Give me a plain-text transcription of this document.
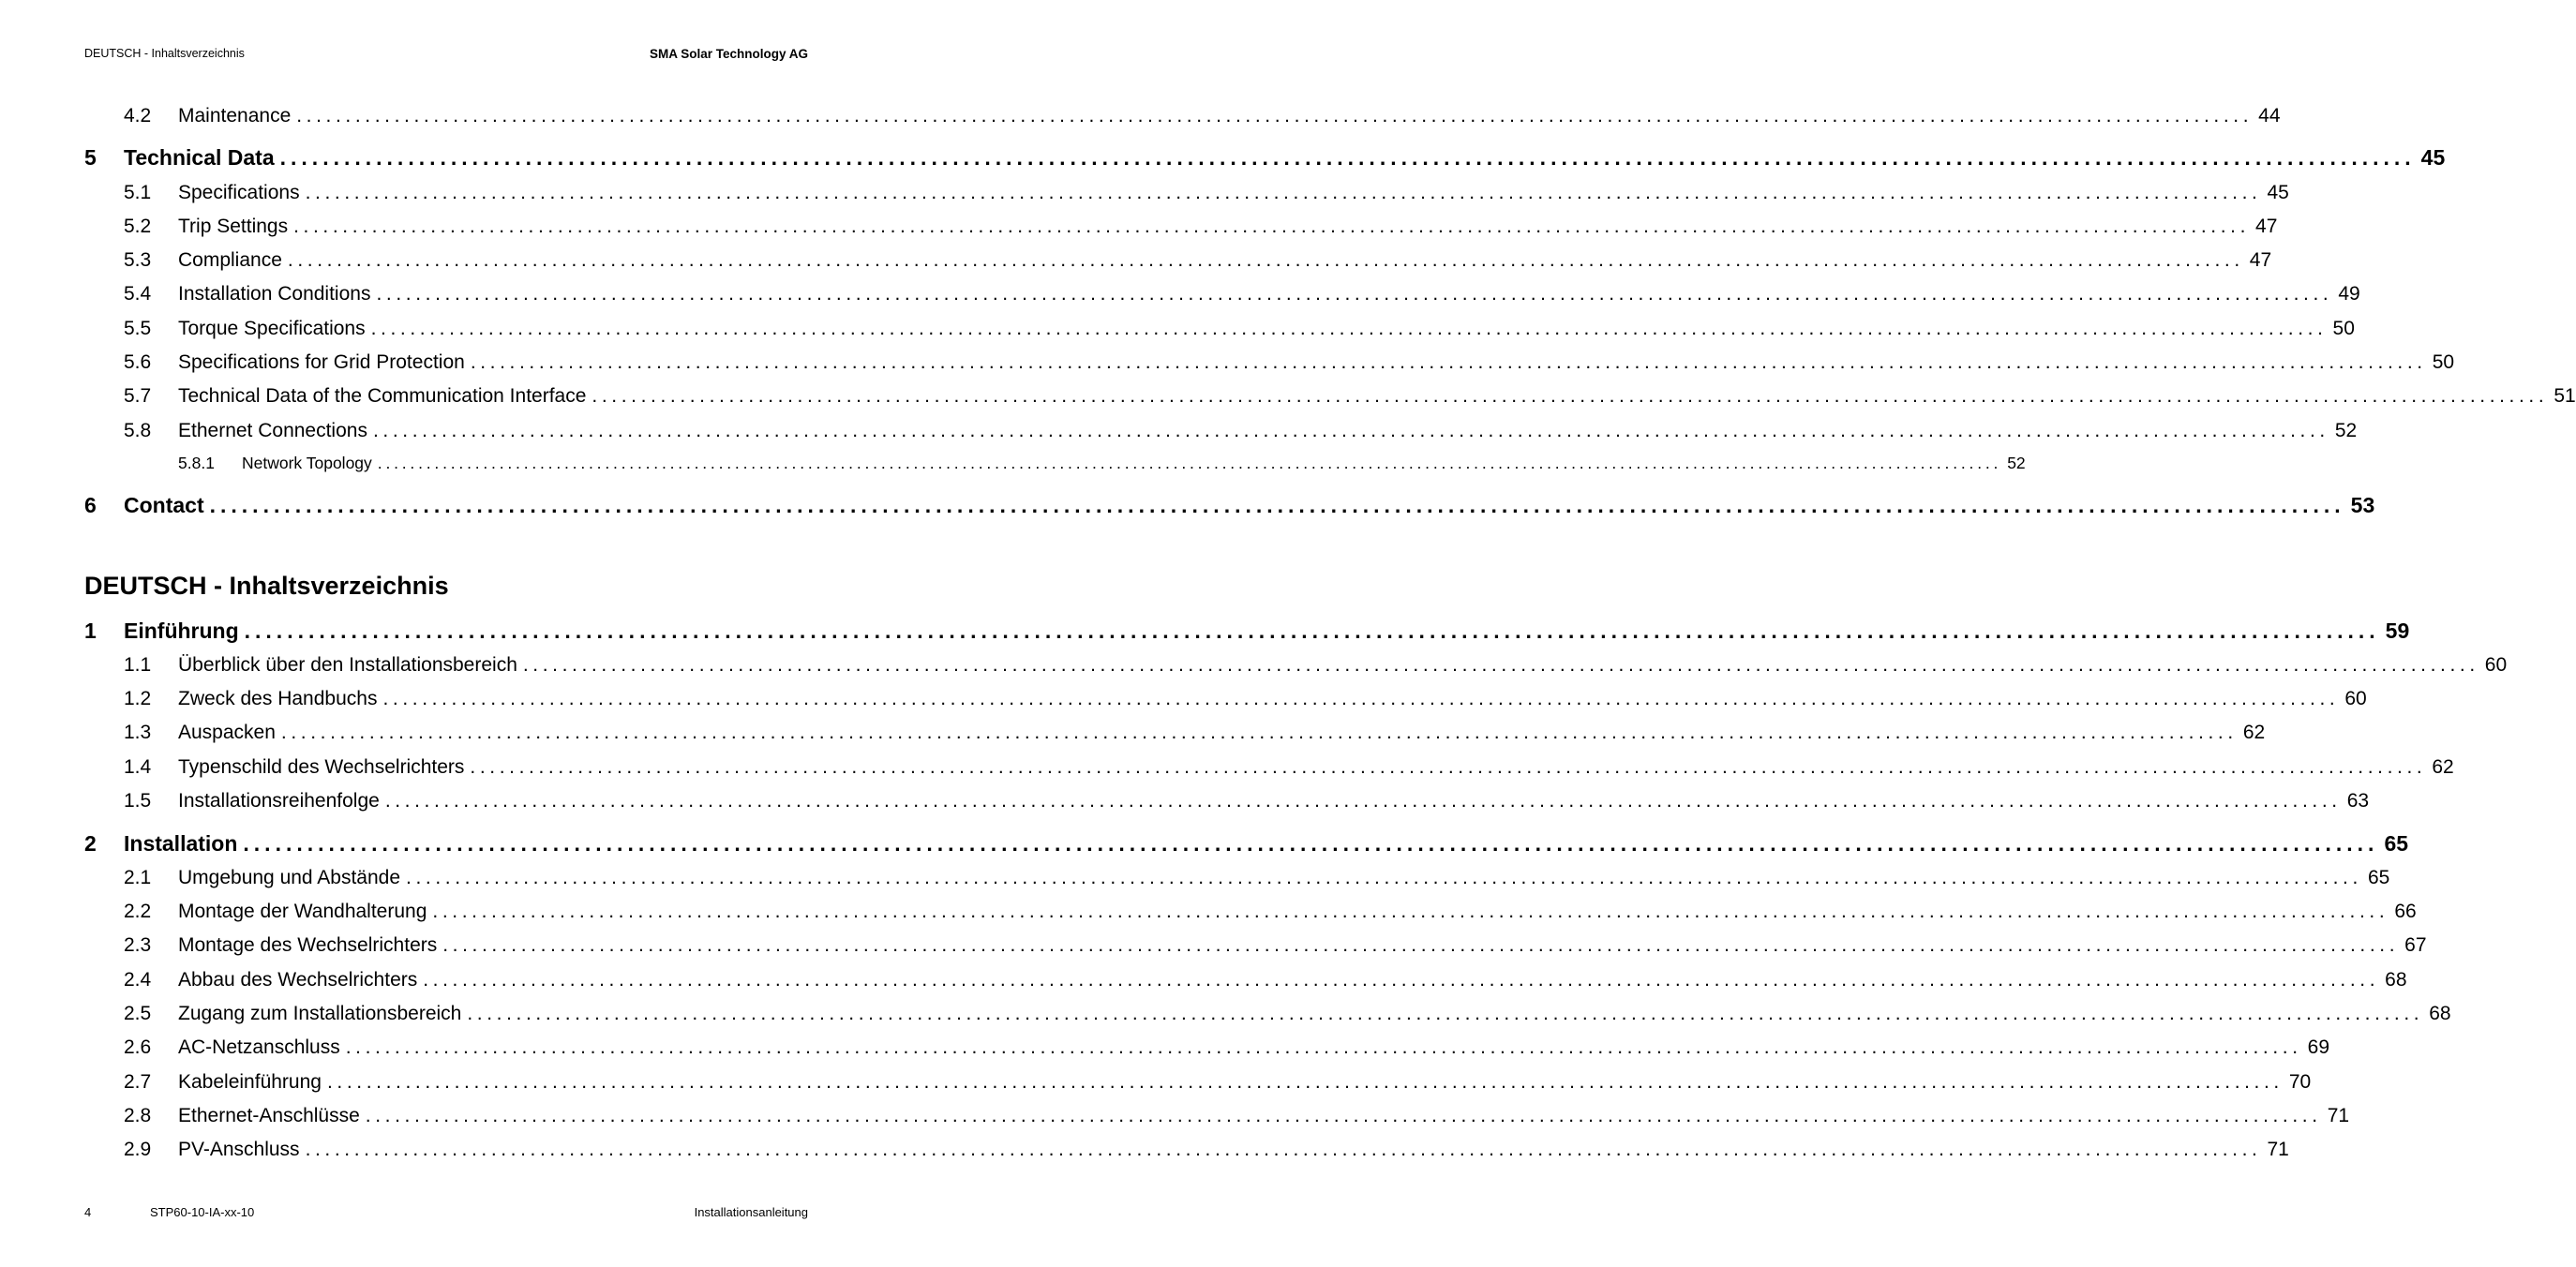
DEUTSCH - Inhaltsverzeichnis	SMA Solar Technology AG
4.2	Maintenance ........................................................................................................................................................................................................ 44
5	Technical Data ........................................................................................................................................................................................................ 45
5.1	Specifications ........................................................................................................................................................................................................ 45
5.2	Trip Settings ........................................................................................................................................................................................................ 47
5.3	Compliance ........................................................................................................................................................................................................ 47
5.4	Installation Conditions ........................................................................................................................................................................................................ 49
5.5	Torque Specifications ........................................................................................................................................................................................................ 50
5.6	Specifications for Grid Protection ........................................................................................................................................................................................................ 50
5.7	Technical Data of the Communication Interface ........................................................................................................................................................................................................ 51
5.8	Ethernet Connections ........................................................................................................................................................................................................ 52
5.8.1	Network Topology ........................................................................................................................................................................................................ 52
6	Contact ........................................................................................................................................................................................................ 53
DEUTSCH - Inhaltsverzeichnis
1	Einführung ........................................................................................................................................................................................................ 59
1.1	Überblick über den Installationsbereich ........................................................................................................................................................................................................ 60
1.2	Zweck des Handbuchs ........................................................................................................................................................................................................ 60
1.3	Auspacken ........................................................................................................................................................................................................ 62
1.4	Typenschild des Wechselrichters ........................................................................................................................................................................................................ 62
1.5	Installationsreihenfolge ........................................................................................................................................................................................................ 63
2	Installation ........................................................................................................................................................................................................ 65
2.1	Umgebung und Abstände ........................................................................................................................................................................................................ 65
2.2	Montage der Wandhalterung ........................................................................................................................................................................................................ 66
2.3	Montage des Wechselrichters ........................................................................................................................................................................................................ 67
2.4	Abbau des Wechselrichters ........................................................................................................................................................................................................ 68
2.5	Zugang zum Installationsbereich ........................................................................................................................................................................................................ 68
2.6	AC-Netzanschluss ........................................................................................................................................................................................................ 69
2.7	Kabeleinführung ........................................................................................................................................................................................................ 70
2.8	Ethernet-Anschlüsse ........................................................................................................................................................................................................ 71
2.9	PV-Anschluss ........................................................................................................................................................................................................ 71
4	STP60-10-IA-xx-10	Installationsanleitung
